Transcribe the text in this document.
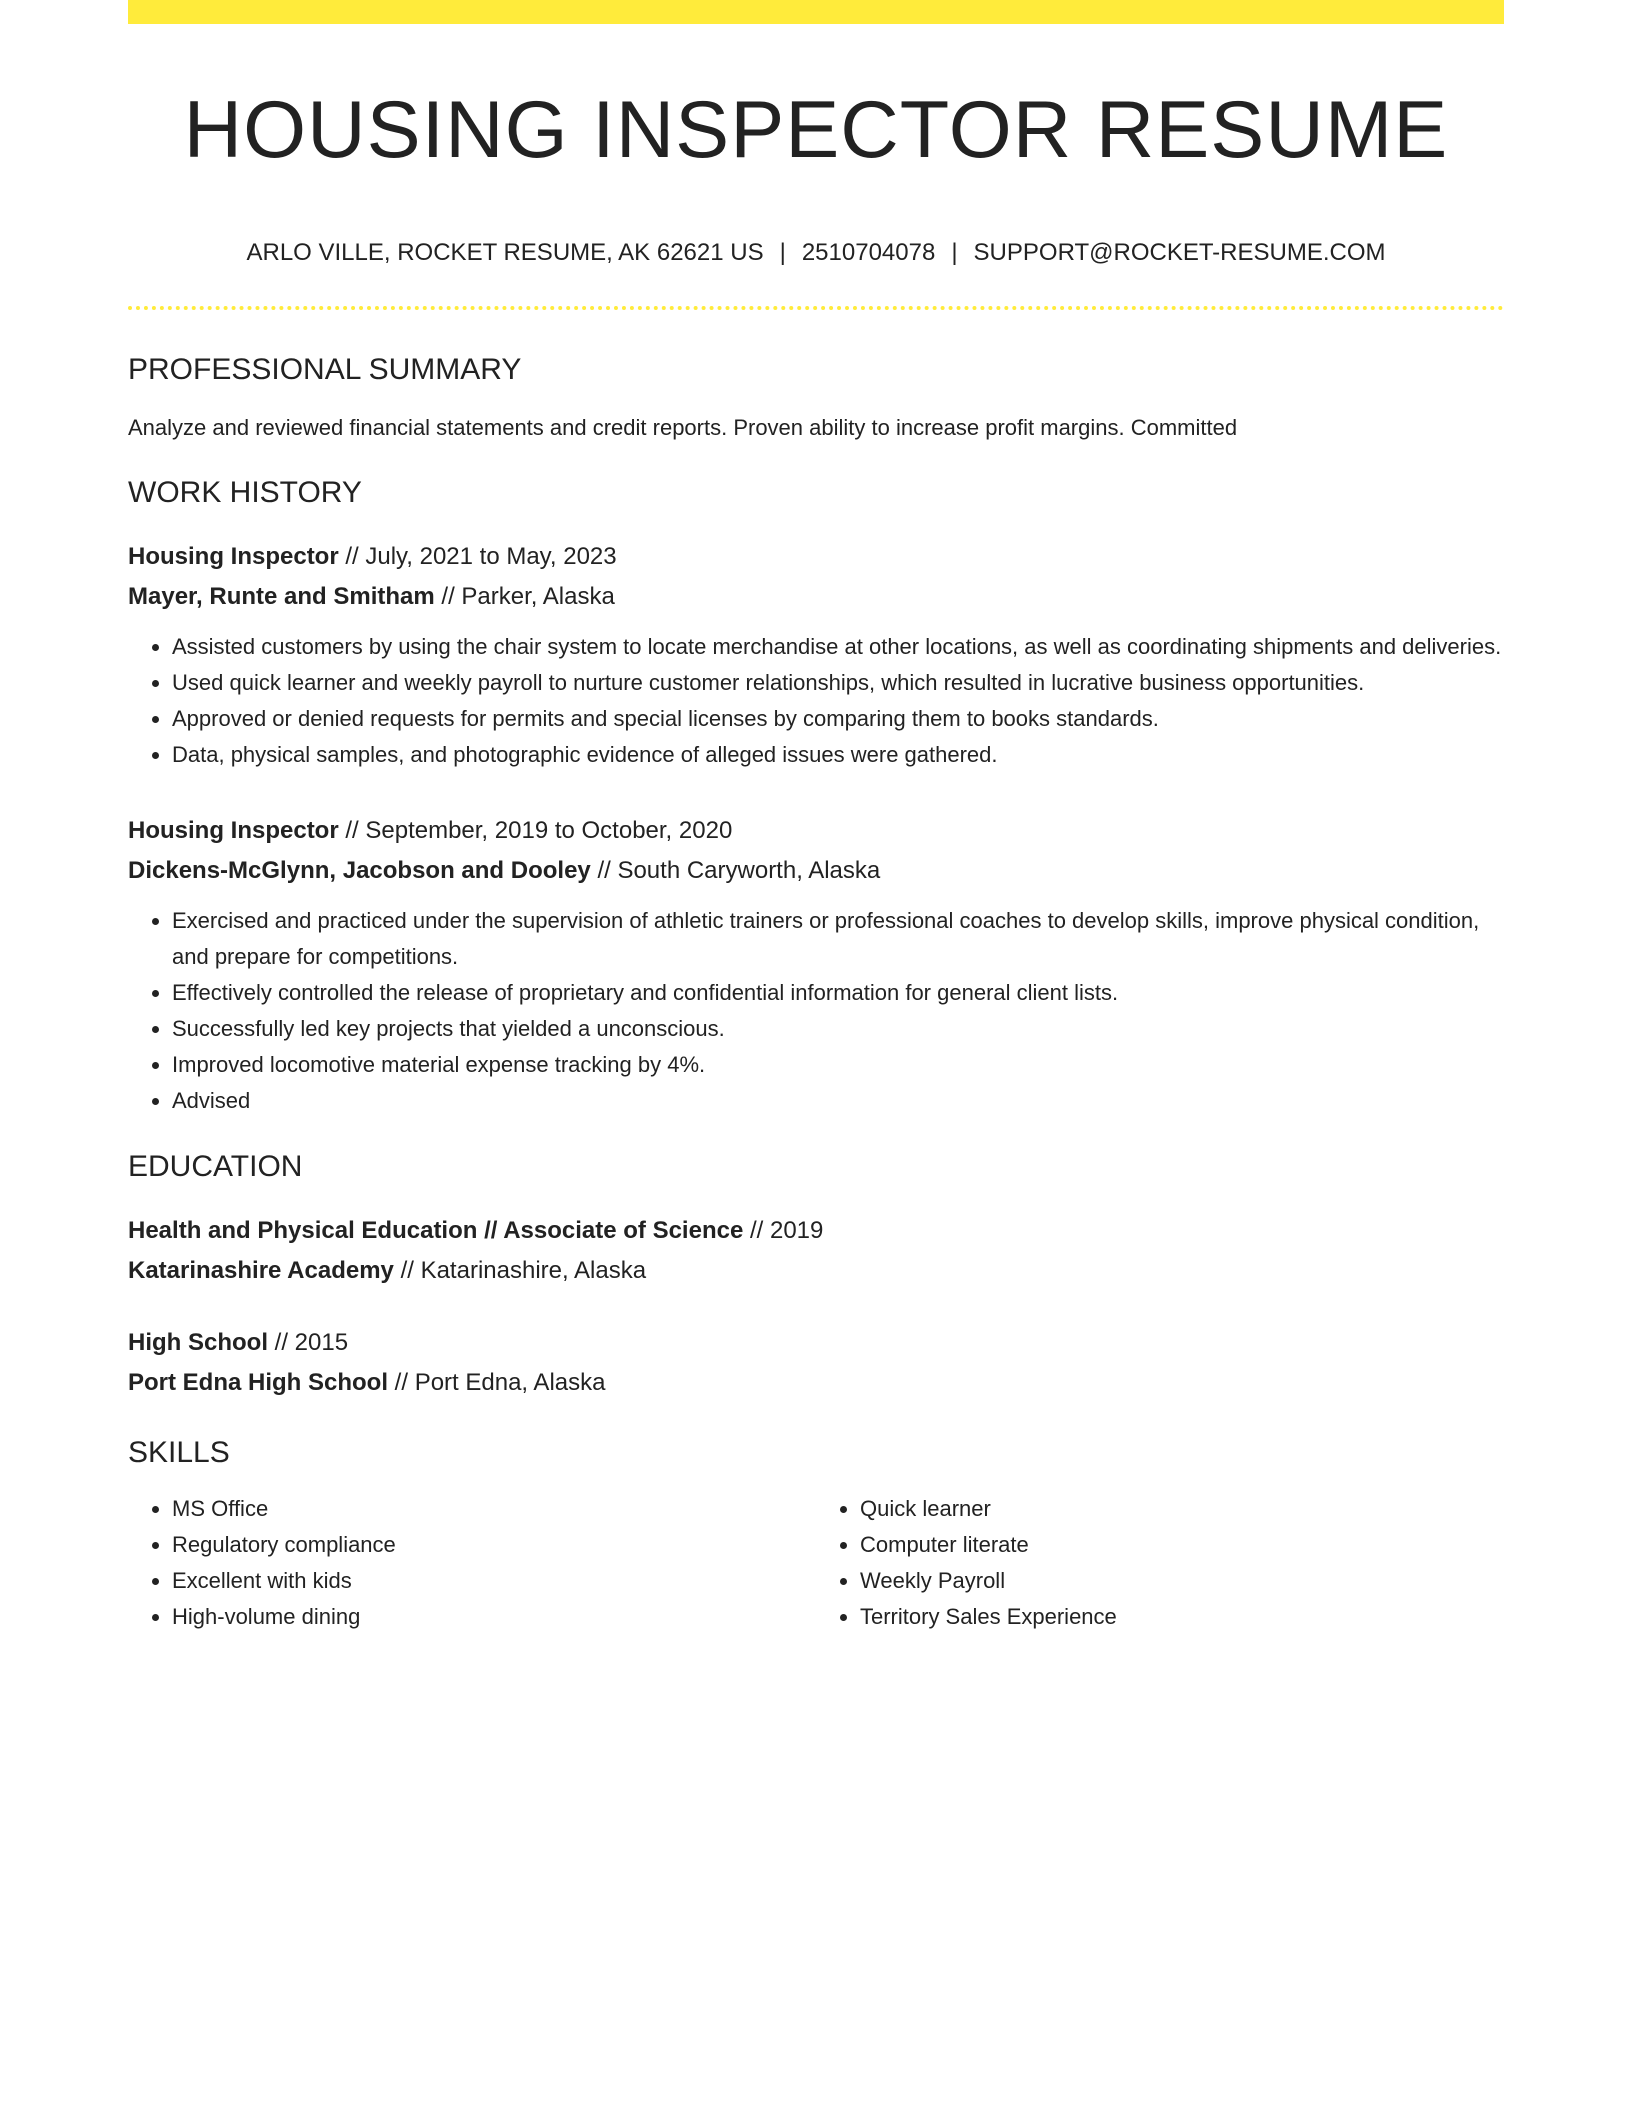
HOUSING INSPECTOR RESUME
ARLO VILLE, ROCKET RESUME, AK 62621 US | 2510704078 | SUPPORT@ROCKET-RESUME.COM
PROFESSIONAL SUMMARY

Analyze and reviewed financial statements and credit reports. Proven ability to increase profit margins. Committed

WORK HISTORY

Housing Inspector // July, 2021 to May, 2023

Mayer, Runte and Smitham // Parker, Alaska

• Assisted customers by using the chair system to locate merchandise at other locations, as well as coordinating shipments and deliveries.
• Used quick learner and weekly payroll to nurture customer relationships, which resulted in lucrative business opportunities.
• Approved or denied requests for permits and special licenses by comparing them to books standards.
• Data, physical samples, and photographic evidence of alleged issues were gathered.

Housing Inspector // September, 2019 to October, 2020

Dickens-McGlynn, Jacobson and Dooley // South Caryworth, Alaska

• Exercised and practiced under the supervision of athletic trainers or professional coaches to develop skills, improve physical condition, and prepare for competitions.
• Effectively controlled the release of proprietary and confidential information for general client lists.
• Successfully led key projects that yielded a unconscious.
• Improved locomotive material expense tracking by 4%.
• Advised
EDUCATION

Health and Physical Education // Associate of Science // 2019

Katarinashire Academy // Katarinashire, Alaska

High School // 2015

Port Edna High School // Port Edna, Alaska

SKILLS
• MS Office
• Regulatory compliance
• Excellent with kids
• High-volume dining
• Quick learner
• Computer literate
• Weekly Payroll
• Territory Sales Experience
